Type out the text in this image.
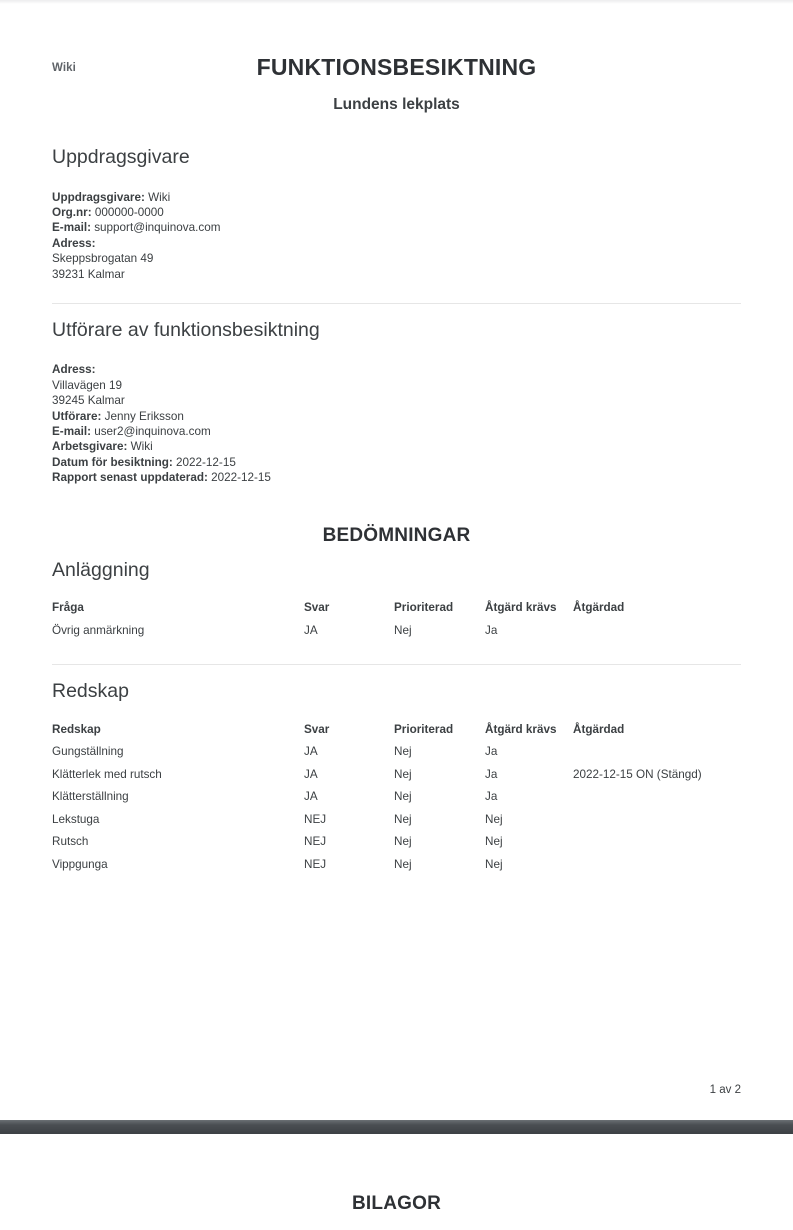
Wiki	FUNKTIONSBESIKTNING
Lundens lekplats
Uppdragsgivare
Uppdragsgivare: Wiki
Org.nr: 000000-0000
E-mail: support@inquinova.com
Adress:
Skeppsbrogatan 49
39231 Kalmar
Utförare av funktionsbesiktning
Adress:
Villavägen 19
39245 Kalmar
Utförare: Jenny Eriksson
E-mail: user2@inquinova.com
Arbetsgivare: Wiki
Datum för besiktning: 2022-12-15
Rapport senast uppdaterad: 2022-12-15
BEDÖMNINGAR
Anläggning
Fråga	Svar	Prioriterad	Åtgärd krävs	Åtgärdad
Övrig anmärkning	JA	Nej	Ja	
Redskap
Redskap	Svar	Prioriterad	Åtgärd krävs	Åtgärdad
Gungställning	JA	Nej	Ja	
Klätterlek med rutsch	JA	Nej	Ja	2022-12-15 ON (Stängd)
Klätterställning	JA	Nej	Ja	
Lekstuga	NEJ	Nej	Nej	
Rutsch	NEJ	Nej	Nej	
Vippgunga	NEJ	Nej	Nej	
1 av 2
BILAGOR
